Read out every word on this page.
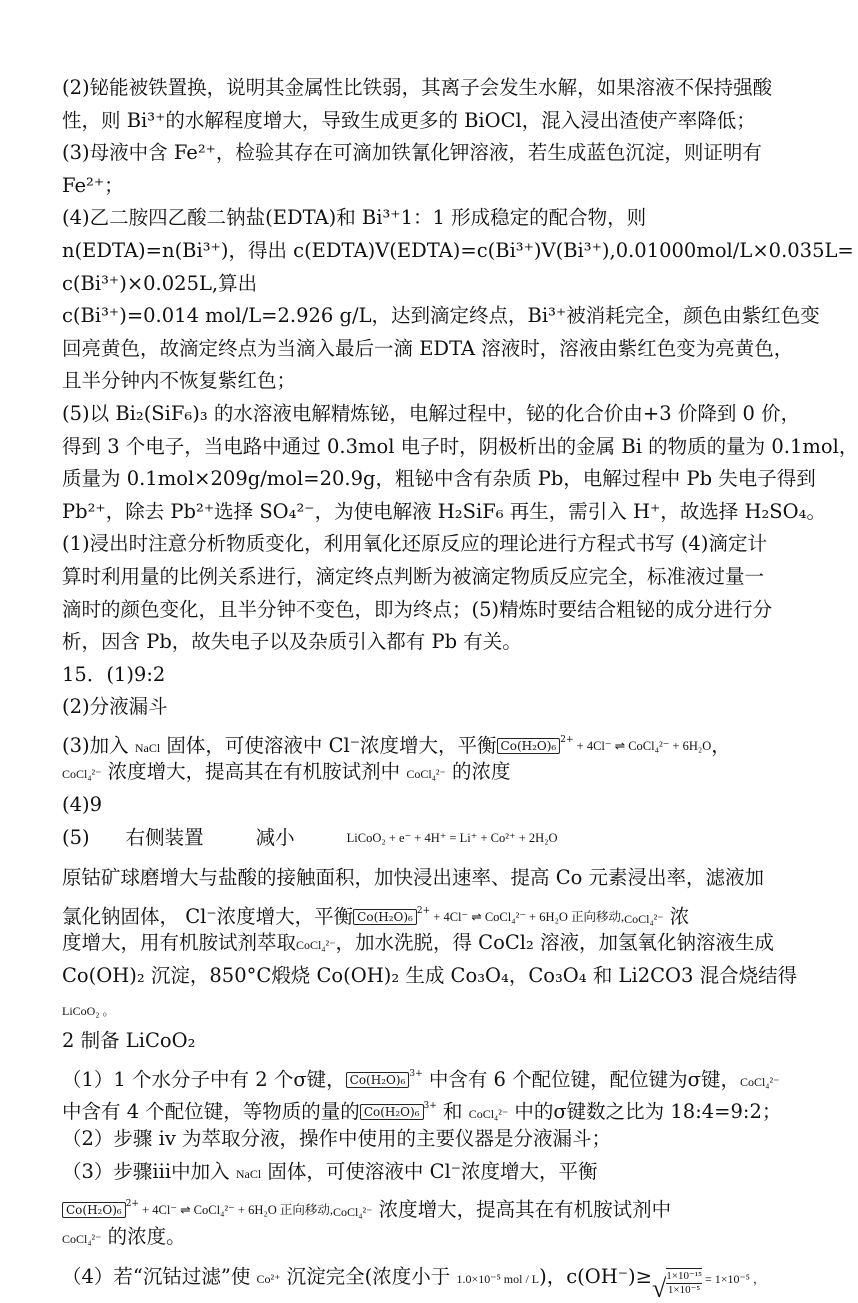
(2)铋能被铁置换，说明其金属性比铁弱，其离子会发生水解，如果溶液不保持强酸
性，则 Bi³⁺的水解程度增大，导致生成更多的 BiOCl，混入浸出渣使产率降低；
(3)母液中含 Fe²⁺，检验其存在可滴加铁氰化钾溶液，若生成蓝色沉淀，则证明有
Fe²⁺；
(4)乙二胺四乙酸二钠盐(EDTA)和 Bi³⁺1：1 形成稳定的配合物，则
n(EDTA)=n(Bi³⁺)，得出 c(EDTA)V(EDTA)=c(Bi³⁺)V(Bi³⁺),0.01000mol/L×0.035L=
c(Bi³⁺)×0.025L,算出
c(Bi³⁺)=0.014 mol/L=2.926 g/L，达到滴定终点，Bi³⁺被消耗完全，颜色由紫红色变
回亮黄色，故滴定终点为当滴入最后一滴 EDTA 溶液时，溶液由紫红色变为亮黄色，
且半分钟内不恢复紫红色；
(5)以 Bi₂(SiF₆)₃ 的水溶液电解精炼铋，电解过程中，铋的化合价由+3 价降到 0 价，
得到 3 个电子，当电路中通过 0.3mol 电子时，阴极析出的金属 Bi 的物质的量为 0.1mol，
质量为 0.1mol×209g/mol=20.9g，粗铋中含有杂质 Pb，电解过程中 Pb 失电子得到
Pb²⁺，除去 Pb²⁺选择 SO₄²⁻，为使电解液 H₂SiF₆ 再生，需引入 H⁺，故选择 H₂SO₄。
(1)浸出时注意分析物质变化，利用氧化还原反应的理论进行方程式书写 (4)滴定计
算时利用量的比例关系进行，滴定终点判断为被滴定物质反应完全，标准液过量一
滴时的颜色变化，且半分钟不变色，即为终点；(5)精炼时要结合粗铋的成分进行分
析，因含 Pb，故失电子以及杂质引入都有 Pb 有关。
15．(1)9:2
(2)分液漏斗
(3)加入 NaCl 固体，可使溶液中 Cl⁻浓度增大，平衡 Co(H₂O)₆ $^{2+}$ + 4Cl⁻ ⇌ CoCl₄²⁻ + 6H₂O，
CoCl₄²⁻ 浓度增大，提高其在有机胺试剂中 CoCl₄²⁻ 的浓度
(4)9
(5) 右侧装置	减小	LiCoO₂ + e⁻ + 4H⁺ = Li⁺ + Co²⁺ + 2H₂O
原钴矿球磨增大与盐酸的接触面积，加快浸出速率、提高 Co 元素浸出率，滤液加
氯化钠固体， Cl⁻浓度增大，平衡 Co(H₂O)₆ $^{2+}$ + 4Cl⁻ ⇌ CoCl₄²⁻ + 6H₂O 正向移动,CoCl₄²⁻ 浓
度增大，用有机胺试剂萃取CoCl₄²⁻，加水洗脱，得 CoCl₂ 溶液，加氢氧化钠溶液生成
Co(OH)₂ 沉淀，850°C煅烧 Co(OH)₂ 生成 Co₃O₄，Co₃O₄ 和 Li2CO3 混合烧结得
LiCoO₂ 。
2 制备 LiCoO₂
（1）1 个水分子中有 2 个σ键， Co(H₂O)₆ $^{3+}$ 中含有 6 个配位键，配位键为σ键，CoCl₄²⁻
中含有 4 个配位键，等物质的量的 Co(H₂O)₆ $^{3+}$ 和 CoCl₄²⁻ 中的σ键数之比为 18:4=9:2；
（2）步骤 iv 为萃取分液，操作中使用的主要仪器是分液漏斗；
（3）步骤iii中加入 NaCl 固体，可使溶液中 Cl⁻浓度增大，平衡
Co(H₂O)₆ $^{2+}$ + 4Cl⁻ ⇌ CoCl₄²⁻ + 6H₂O 正向移动,CoCl₄²⁻ 浓度增大，提高其在有机胺试剂中
CoCl₄²⁻ 的浓度。
（4）若“沉钴过滤”使 Co²⁺ 沉淀完全(浓度小于 1.0×10⁻⁵ mol / L)，$c(OH^-)\ge√ \frac{\text{1×10⁻¹⁵}}{\text{1×10⁻⁵}} = 1\times 10^{-5}$ ，
